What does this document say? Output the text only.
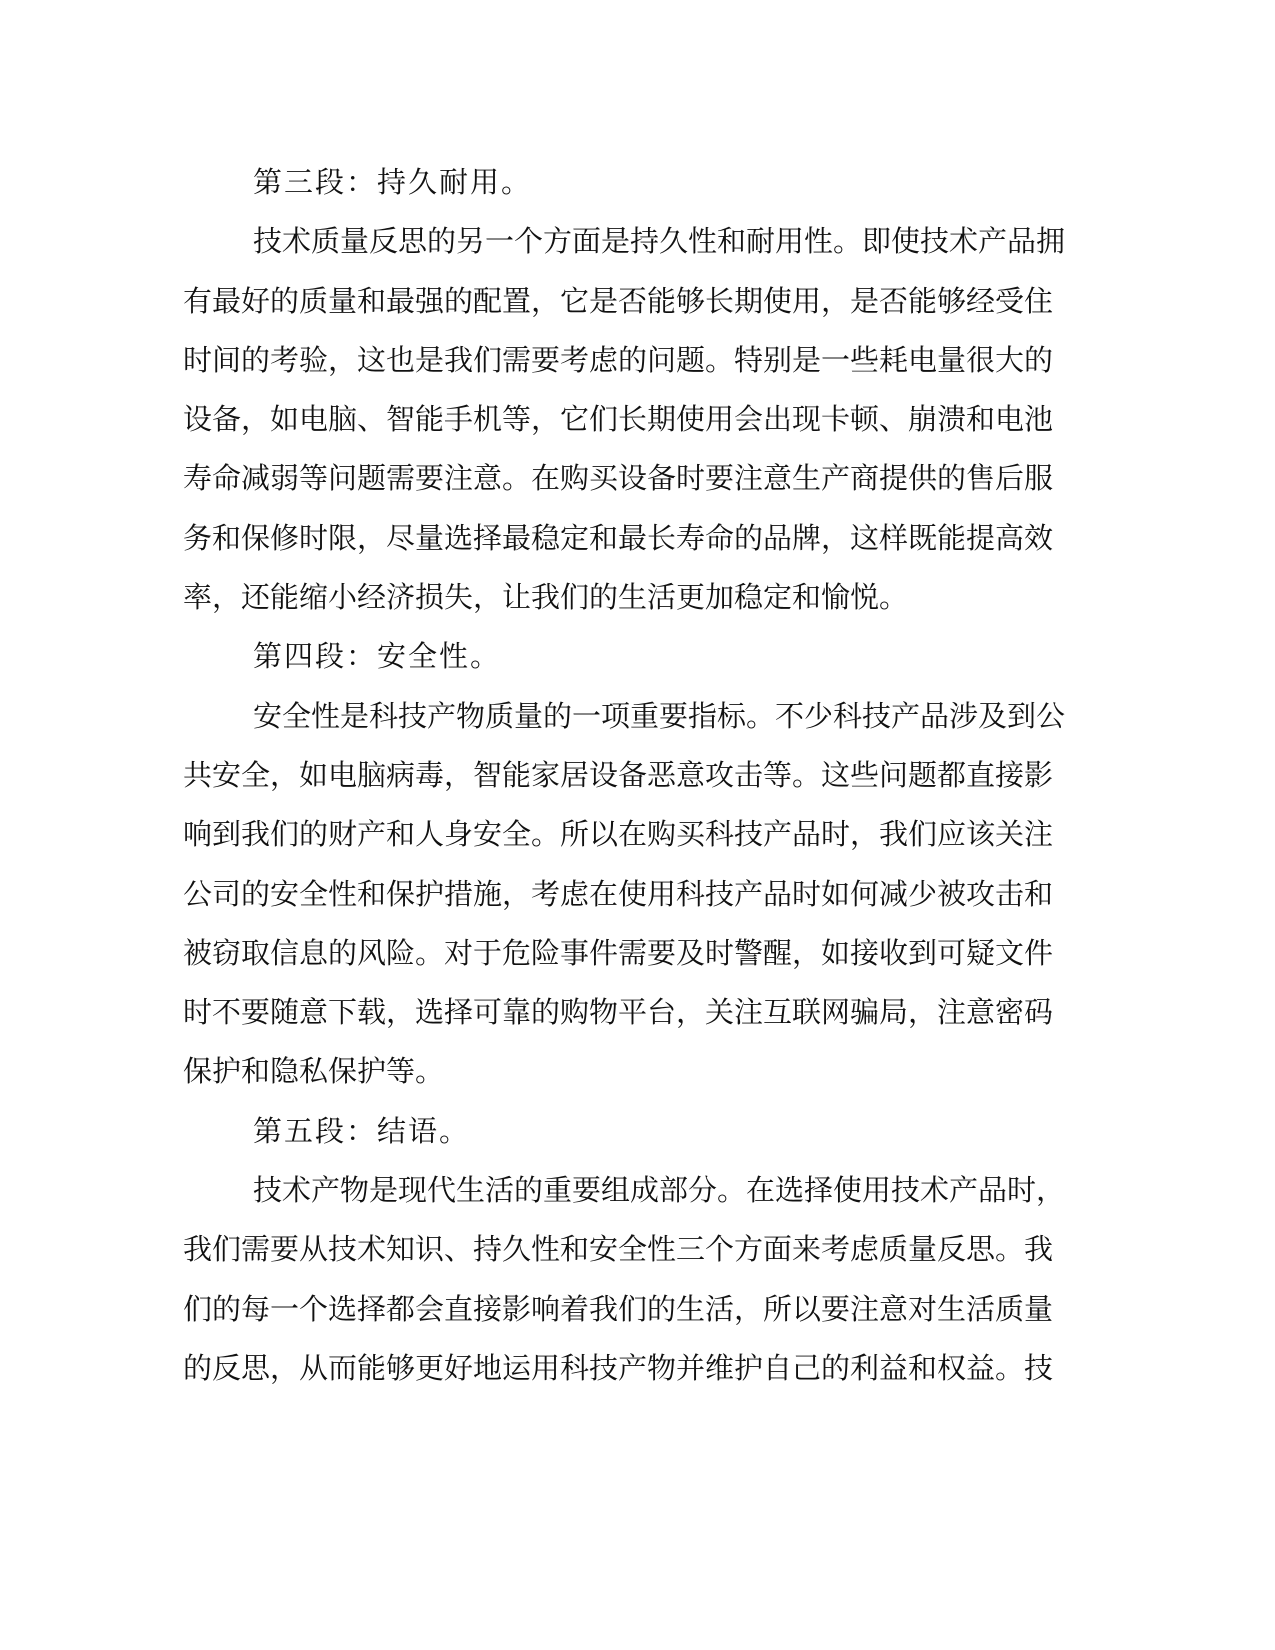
第三段：持久耐用。
技术质量反思的另一个方面是持久性和耐用性。即使技术产品拥
有最好的质量和最强的配置，它是否能够长期使用，是否能够经受住
时间的考验，这也是我们需要考虑的问题。特别是一些耗电量很大的
设备，如电脑、智能手机等，它们长期使用会出现卡顿、崩溃和电池
寿命减弱等问题需要注意。在购买设备时要注意生产商提供的售后服
务和保修时限，尽量选择最稳定和最长寿命的品牌，这样既能提高效
率，还能缩小经济损失，让我们的生活更加稳定和愉悦。
第四段：安全性。
安全性是科技产物质量的一项重要指标。不少科技产品涉及到公
共安全，如电脑病毒，智能家居设备恶意攻击等。这些问题都直接影
响到我们的财产和人身安全。所以在购买科技产品时，我们应该关注
公司的安全性和保护措施，考虑在使用科技产品时如何减少被攻击和
被窃取信息的风险。对于危险事件需要及时警醒，如接收到可疑文件
时不要随意下载，选择可靠的购物平台，关注互联网骗局，注意密码
保护和隐私保护等。
第五段：结语。
技术产物是现代生活的重要组成部分。在选择使用技术产品时，
我们需要从技术知识、持久性和安全性三个方面来考虑质量反思。我
们的每一个选择都会直接影响着我们的生活，所以要注意对生活质量
的反思，从而能够更好地运用科技产物并维护自己的利益和权益。技
